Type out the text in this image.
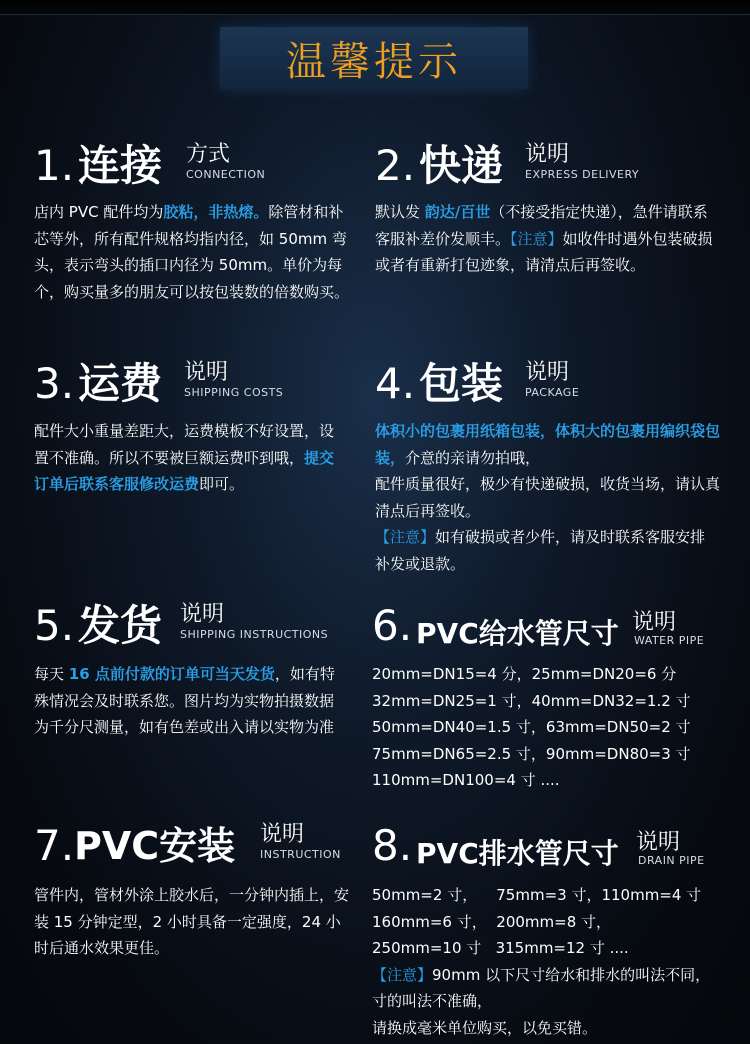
温馨提示
1. 连接 方式
CONNECTION
店内 PVC 配件均为胶粘，非热熔。除管材和补芯等外，所有配件规格均指内径，如 50mm 弯头，表示弯头的插口内径为 50mm。单价为每个，购买量多的朋友可以按包装数的倍数购买。
2. 快递 说明
EXPRESS DELIVERY
默认发 韵达/百世（不接受指定快递），急件请联系客服补差价发顺丰。【注意】如收件时遇外包装破损或者有重新打包迹象，请清点后再签收。
3. 运费 说明
SHIPPING COSTS
配件大小重量差距大，运费模板不好设置，设置不准确。所以不要被巨额运费吓到哦，提交订单后联系客服修改运费即可。
4. 包装 说明
PACKAGE
体积小的包裹用纸箱包装，体积大的包裹用编织袋包装，介意的亲请勿拍哦，
配件质量很好，极少有快递破损，收货当场，请认真清点后再签收。
【注意】如有破损或者少件，请及时联系客服安排补发或退款。
5. 发货 说明
SHIPPING INSTRUCTIONS
每天 16 点前付款的订单可当天发货，如有特殊情况会及时联系您。图片均为实物拍摄数据为千分尺测量，如有色差或出入请以实物为准
6. PVC给水管尺寸 说明
WATER PIPE

20mm=DN15=4 分，25mm=DN20=6 分

32mm=DN25=1 寸，40mm=DN32=1.2 寸

50mm=DN40=1.5 寸，63mm=DN50=2 寸

75mm=DN65=2.5 寸，90mm=DN80=3 寸

110mm=DN100=4 寸 ....

7. PVC安装 说明
INSTRUCTION
管件内，管材外涂上胶水后，一分钟内插上，安装 15 分钟定型，2 小时具备一定强度，24 小时后通水效果更佳。
8. PVC排水管尺寸 说明
DRAIN PIPE

50mm=2 寸，    75mm=3 寸，110mm=4 寸

160mm=6 寸，  200mm=8 寸，

250mm=10 寸   315mm=12 寸 ....

【注意】90mm 以下尺寸给水和排水的叫法不同，寸的叫法不准确，

请换成毫米单位购买，以免买错。
